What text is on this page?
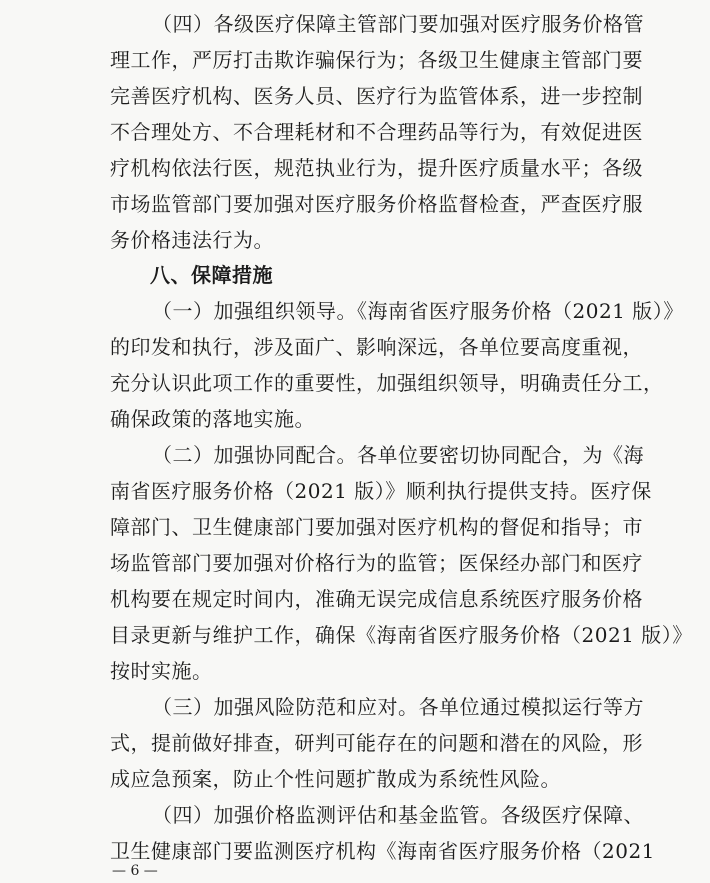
（四）各级医疗保障主管部门要加强对医疗服务价格管
理工作，严厉打击欺诈骗保行为；各级卫生健康主管部门要
完善医疗机构、医务人员、医疗行为监管体系，进一步控制
不合理处方、不合理耗材和不合理药品等行为，有效促进医
疗机构依法行医，规范执业行为，提升医疗质量水平；各级
市场监管部门要加强对医疗服务价格监督检查，严查医疗服
务价格违法行为。
八、保障措施
（一）加强组织领导。《海南省医疗服务价格（2021 版）》
的印发和执行，涉及面广、影响深远，各单位要高度重视，
充分认识此项工作的重要性，加强组织领导，明确责任分工，
确保政策的落地实施。
（二）加强协同配合。各单位要密切协同配合，为《海
南省医疗服务价格（2021 版）》顺利执行提供支持。医疗保
障部门、卫生健康部门要加强对医疗机构的督促和指导；市
场监管部门要加强对价格行为的监管；医保经办部门和医疗
机构要在规定时间内，准确无误完成信息系统医疗服务价格
目录更新与维护工作，确保《海南省医疗服务价格（2021 版）》
按时实施。
（三）加强风险防范和应对。各单位通过模拟运行等方
式，提前做好排查，研判可能存在的问题和潜在的风险，形
成应急预案，防止个性问题扩散成为系统性风险。
（四）加强价格监测评估和基金监管。各级医疗保障、
卫生健康部门要监测医疗机构《海南省医疗服务价格（2021
— 6 —
